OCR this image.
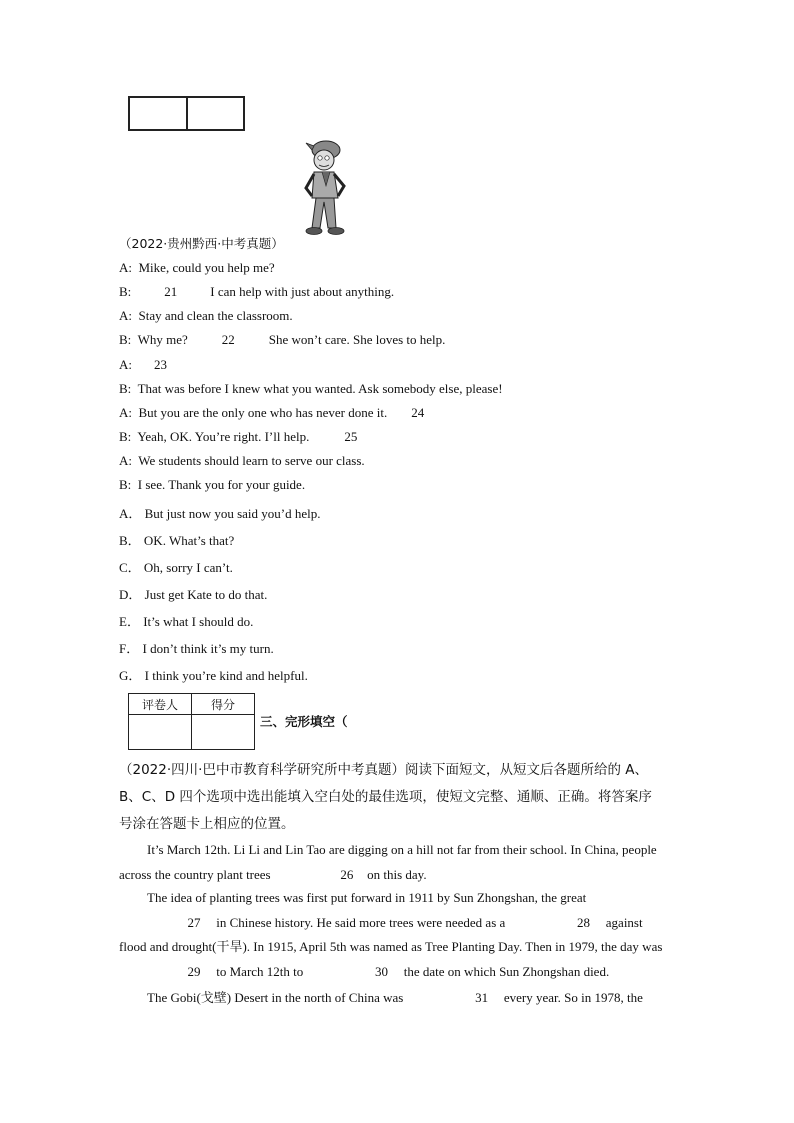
（2022·贵州黔西·中考真题）
A: Mike, could you help me?
B:	21	I can help with just about anything.
A: Stay and clean the classroom.
B: Why me?	22	She won’t care. She loves to help.
A: 23
B: That was before I knew what you wanted. Ask somebody else, please!
A: But you are the only one who has never done it. 24
B: Yeah, OK. You’re right. I’ll help.	25
A: We students should learn to serve our class.
B: I see. Thank you for your guide.
A． But just now you said you’d help.
B． OK. What’s that?
C． Oh, sorry I can’t.
D． Just get Kate to do that.
E． It’s what I should do.
F． I don’t think it’s my turn.
G． I think you’re kind and helpful.
评卷人	得分

三、完形填空（
（2022·四川·巴中市教育科学研究所中考真题）阅读下面短文，从短文后各题所给的 A、B、C、D 四个选项中选出能填入空白处的最佳选项，使短文完整、通顺、正确。将答案序号涂在答题卡上相应的位置。
It’s March 12th. Li Li and Lin Tao are digging on a hill not far from their school. In China, people across the country plant trees	26 on this day.
The idea of planting trees was first put forward in 1911 by Sun Zhongshan, the great 27 in Chinese history. He said more trees were needed as a	28 against flood and drought(干旱). In 1915, April 5th was named as Tree Planting Day. Then in 1979, the day was 29 to March 12th to	30 the date on which Sun Zhongshan died.
The Gobi(戈壁) Desert in the north of China was	31 every year. So in 1978, the
